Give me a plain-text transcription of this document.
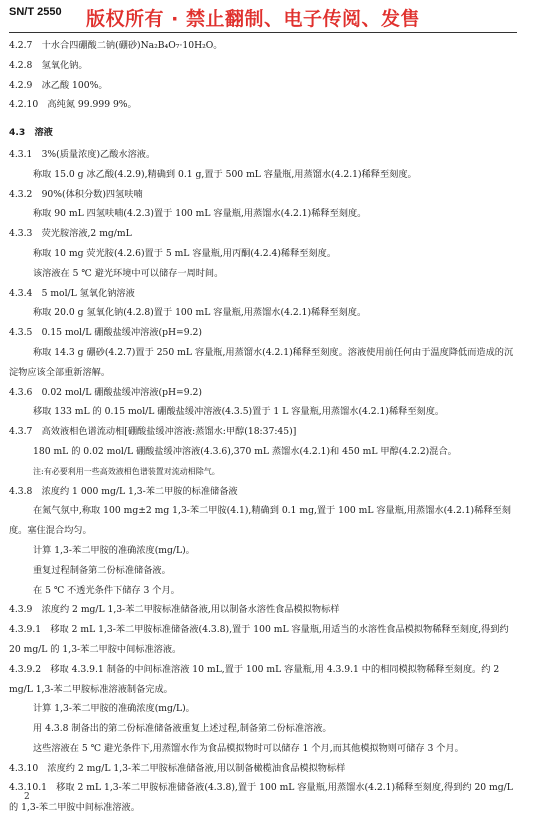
SN/T 2550 版权所有 · 禁止翻制、电子传阅、发售
4.2.7　十水合四硼酸二钠(硼砂)Na₂B₄O₇·10H₂O。
4.2.8　氢氧化钠。
4.2.9　冰乙酸 100%。
4.2.10　高纯氮 99.999 9%。
4.3　溶液
4.3.1　3%(质量浓度)乙酸水溶液。
称取 15.0 g 冰乙酸(4.2.9),精确到 0.1 g,置于 500 mL 容量瓶,用蒸馏水(4.2.1)稀释至刻度。
4.3.2　90%(体积分数)四氢呋喃
称取 90 mL 四氢呋喃(4.2.3)置于 100 mL 容量瓶,用蒸馏水(4.2.1)稀释至刻度。
4.3.3　荧光胺溶液,2 mg/mL
称取 10 mg 荧光胺(4.2.6)置于 5 mL 容量瓶,用丙酮(4.2.4)稀释至刻度。
该溶液在 5 ℃ 避光环境中可以储存一周时间。
4.3.4　5 mol/L 氢氧化钠溶液
称取 20.0 g 氢氧化钠(4.2.8)置于 100 mL 容量瓶,用蒸馏水(4.2.1)稀释至刻度。
4.3.5　0.15 mol/L 硼酸盐缓冲溶液(pH=9.2)
称取 14.3 g 硼砂(4.2.7)置于 250 mL 容量瓶,用蒸馏水(4.2.1)稀释至刻度。溶液使用前任何由于温度降低而造成的沉淀物应该全部重新溶解。
4.3.6　0.02 mol/L 硼酸盐缓冲溶液(pH=9.2)
移取 133 mL 的 0.15 mol/L 硼酸盐缓冲溶液(4.3.5)置于 1 L 容量瓶,用蒸馏水(4.2.1)稀释至刻度。
4.3.7　高效液相色谱流动相[硼酸盐缓冲溶液:蒸馏水:甲醇(18:37:45)]
180 mL 的 0.02 mol/L 硼酸盐缓冲溶液(4.3.6),370 mL 蒸馏水(4.2.1)和 450 mL 甲醇(4.2.2)混合。
注:有必要利用一些高效液相色谱装置对流动相除气。
4.3.8　浓度约 1 000 mg/L 1,3-苯二甲胺的标准储备液
在氮气氛中,称取 100 mg±2 mg 1,3-苯二甲胺(4.1),精确到 0.1 mg,置于 100 mL 容量瓶,用蒸馏水(4.2.1)稀释至刻度。塞住混合均匀。
计算 1,3-苯二甲胺的准确浓度(mg/L)。
重复过程制备第二份标准储备液。
在 5 ℃ 不透光条件下储存 3 个月。
4.3.9　浓度约 2 mg/L 1,3-苯二甲胺标准储备液,用以制备水溶性食品模拟物标样
4.3.9.1　移取 2 mL 1,3-苯二甲胺标准储备液(4.3.8),置于 100 mL 容量瓶,用适当的水溶性食品模拟物稀释至刻度,得到约 20 mg/L 的 1,3-苯二甲胺中间标准溶液。
4.3.9.2　移取 4.3.9.1 制备的中间标准溶液 10 mL,置于 100 mL 容量瓶,用 4.3.9.1 中的相同模拟物稀释至刻度。约 2 mg/L 1,3-苯二甲胺标准溶液制备完成。
计算 1,3-苯二甲胺的准确浓度(mg/L)。
用 4.3.8 制备出的第二份标准储备液重复上述过程,制备第二份标准溶液。
这些溶液在 5 ℃ 避光条件下,用蒸馏水作为食品模拟物时可以储存 1 个月,而其他模拟物则可储存 3 个月。
4.3.10　浓度约 2 mg/L 1,3-苯二甲胺标准储备液,用以制备橄榄油食品模拟物标样
4.3.10.1　移取 2 mL 1,3-苯二甲胺标准储备液(4.3.8),置于 100 mL 容量瓶,用蒸馏水(4.2.1)稀释至刻度,得到约 20 mg/L 的 1,3-苯二甲胺中间标准溶液。
2
